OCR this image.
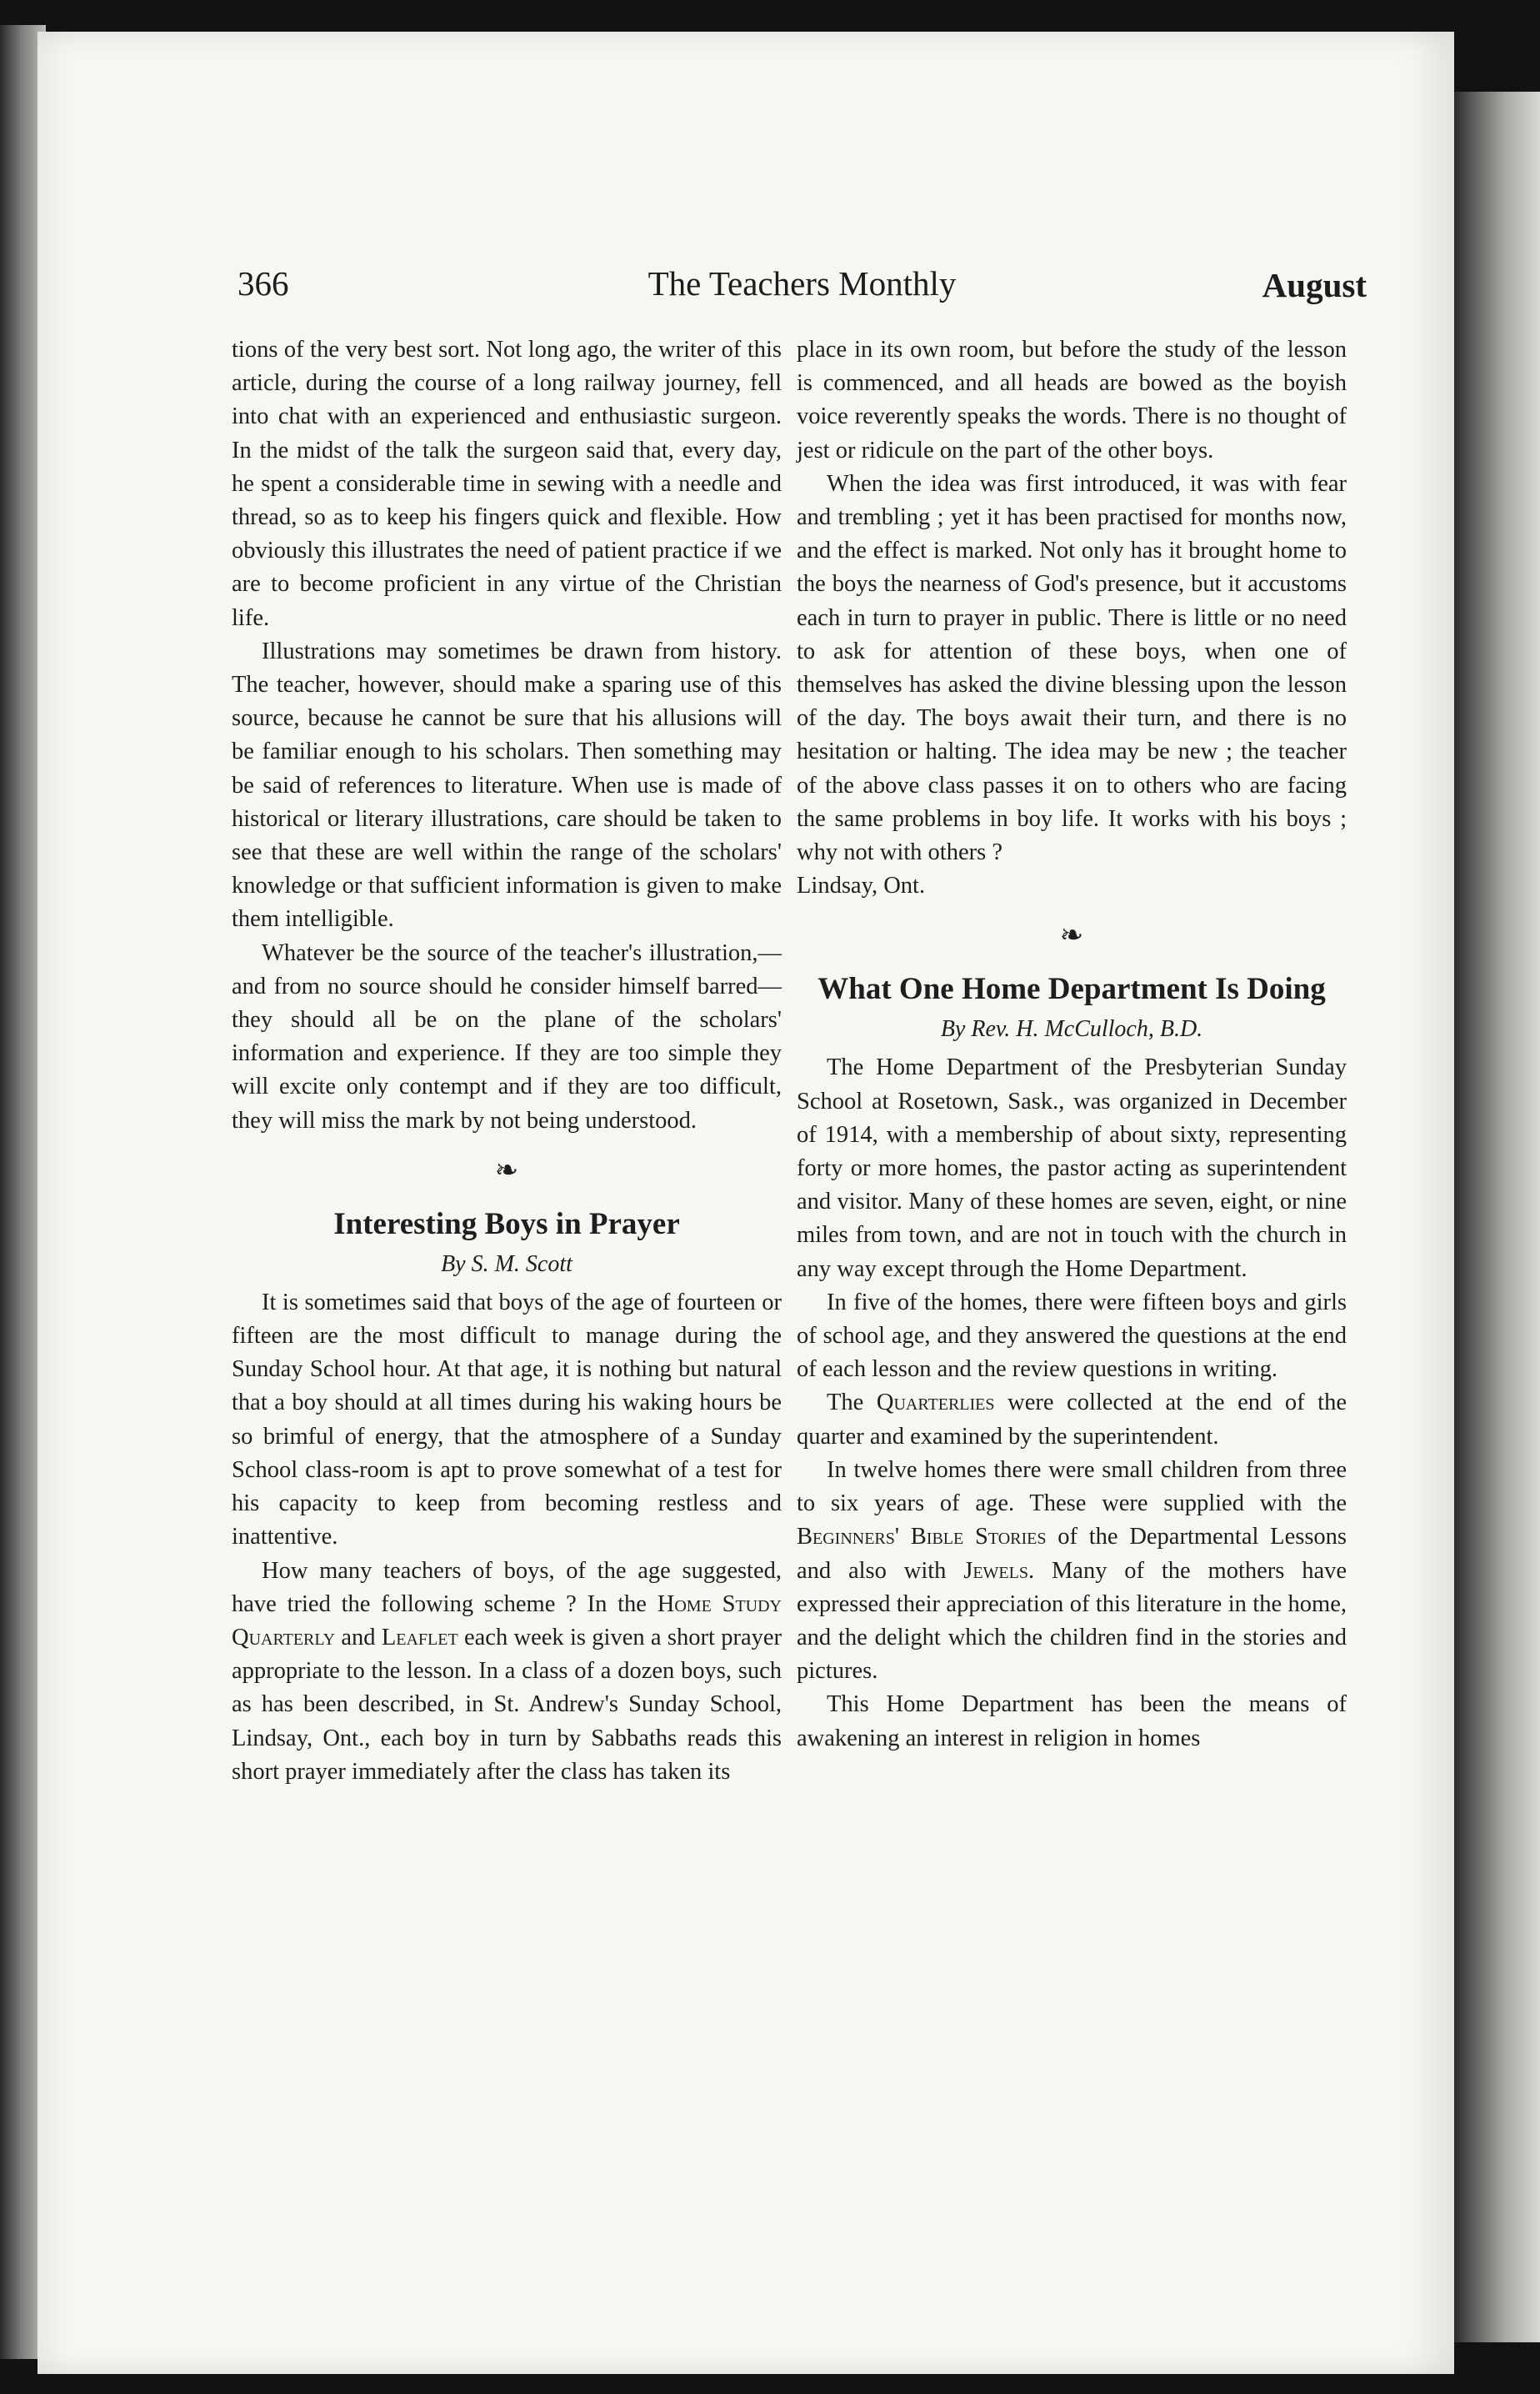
366	The Teachers Monthly	August

tions of the very best sort. Not long ago, the writer of this article, during the course of a long railway journey, fell into chat with an experienced and enthusiastic surgeon. In the midst of the talk the surgeon said that, every day, he spent a considerable time in sewing with a needle and thread, so as to keep his fingers quick and flexible. How obviously this illustrates the need of patient practice if we are to become proficient in any virtue of the Christian life.

Illustrations may sometimes be drawn from history. The teacher, however, should make a sparing use of this source, because he cannot be sure that his allusions will be familiar enough to his scholars. Then something may be said of references to literature. When use is made of historical or literary illustrations, care should be taken to see that these are well within the range of the scholars' knowledge or that sufficient information is given to make them intelligible.

Whatever be the source of the teacher's illustration,—and from no source should he consider himself barred—they should all be on the plane of the scholars' information and experience. If they are too simple they will excite only contempt and if they are too difficult, they will miss the mark by not being understood.

❧
Interesting Boys in Prayer
By S. M. Scott

It is sometimes said that boys of the age of fourteen or fifteen are the most difficult to manage during the Sunday School hour. At that age, it is nothing but natural that a boy should at all times during his waking hours be so brimful of energy, that the atmosphere of a Sunday School class-room is apt to prove somewhat of a test for his capacity to keep from becoming restless and inattentive.

How many teachers of boys, of the age suggested, have tried the following scheme ? In the Home Study Quarterly and Leaflet each week is given a short prayer appropriate to the lesson. In a class of a dozen boys, such as has been described, in St. Andrew's Sunday School, Lindsay, Ont., each boy in turn by Sabbaths reads this short prayer immediately after the class has taken its

place in its own room, but before the study of the lesson is commenced, and all heads are bowed as the boyish voice reverently speaks the words. There is no thought of jest or ridicule on the part of the other boys.

When the idea was first introduced, it was with fear and trembling ; yet it has been practised for months now, and the effect is marked. Not only has it brought home to the boys the nearness of God's presence, but it accustoms each in turn to prayer in public. There is little or no need to ask for attention of these boys, when one of themselves has asked the divine blessing upon the lesson of the day. The boys await their turn, and there is no hesitation or halting. The idea may be new ; the teacher of the above class passes it on to others who are facing the same problems in boy life. It works with his boys ; why not with others ?

Lindsay, Ont.

❧
What One Home Department Is Doing
By Rev. H. McCulloch, B.D.

The Home Department of the Presbyterian Sunday School at Rosetown, Sask., was organized in December of 1914, with a membership of about sixty, representing forty or more homes, the pastor acting as superintendent and visitor. Many of these homes are seven, eight, or nine miles from town, and are not in touch with the church in any way except through the Home Department.

In five of the homes, there were fifteen boys and girls of school age, and they answered the questions at the end of each lesson and the review questions in writing.

The Quarterlies were collected at the end of the quarter and examined by the superintendent.

In twelve homes there were small children from three to six years of age. These were supplied with the Beginners' Bible Stories of the Departmental Lessons and also with Jewels. Many of the mothers have expressed their appreciation of this literature in the home, and the delight which the children find in the stories and pictures.

This Home Department has been the means of awakening an interest in religion in homes
